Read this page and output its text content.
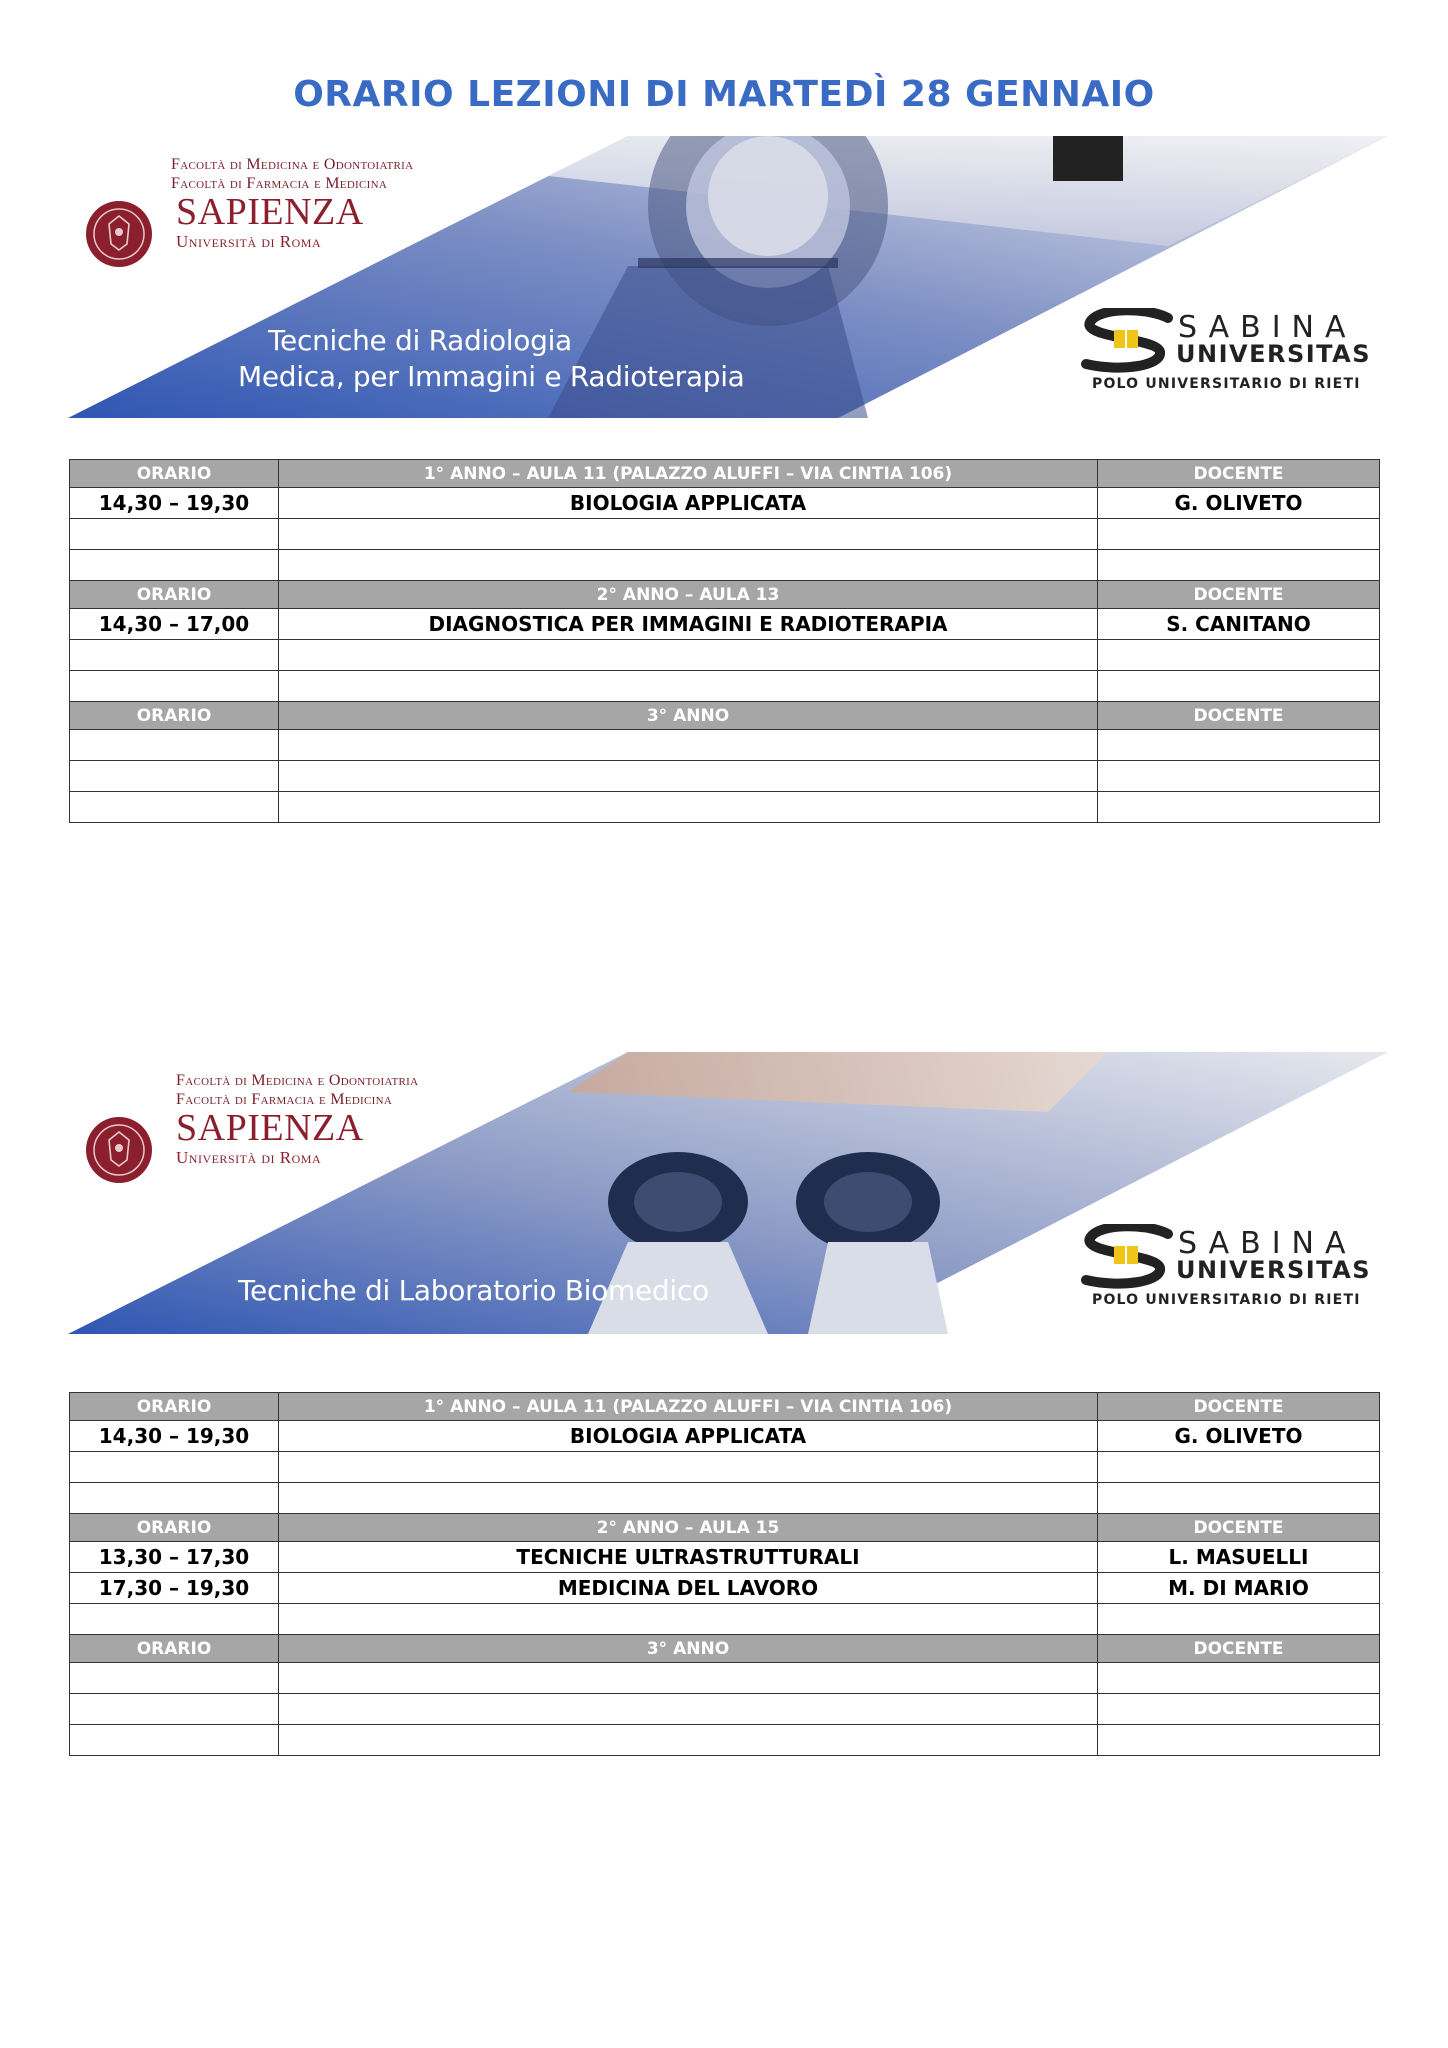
ORARIO LEZIONI DI MARTEDÌ 28 GENNAIO
Facoltà di Medicina e Odontoiatria
Facoltà di Farmacia e Medicina
SAPIENZA
Università di Roma
Tecniche di Radiologia
Medica, per Immagini e Radioterapia
SABINA
UNIVERSITAS
POLO UNIVERSITARIO DI RIETI
ORARIO	1° ANNO – AULA 11 (PALAZZO ALUFFI – VIA CINTIA 106)	DOCENTE
14,30 – 19,30	BIOLOGIA APPLICATA	G. OLIVETO

ORARIO	2° ANNO – AULA 13	DOCENTE
14,30 – 17,00	DIAGNOSTICA PER IMMAGINI E RADIOTERAPIA	S. CANITANO

ORARIO	3° ANNO	DOCENTE

Facoltà di Medicina e Odontoiatria
Facoltà di Farmacia e Medicina
SAPIENZA
Università di Roma
Tecniche di Laboratorio Biomedico
SABINA
UNIVERSITAS
POLO UNIVERSITARIO DI RIETI
ORARIO	1° ANNO – AULA 11 (PALAZZO ALUFFI – VIA CINTIA 106)	DOCENTE
14,30 – 19,30	BIOLOGIA APPLICATA	G. OLIVETO

ORARIO	2° ANNO – AULA 15	DOCENTE
13,30 – 17,30	TECNICHE ULTRASTRUTTURALI	L. MASUELLI
17,30 – 19,30	MEDICINA DEL LAVORO	M. DI MARIO

ORARIO	3° ANNO	DOCENTE
